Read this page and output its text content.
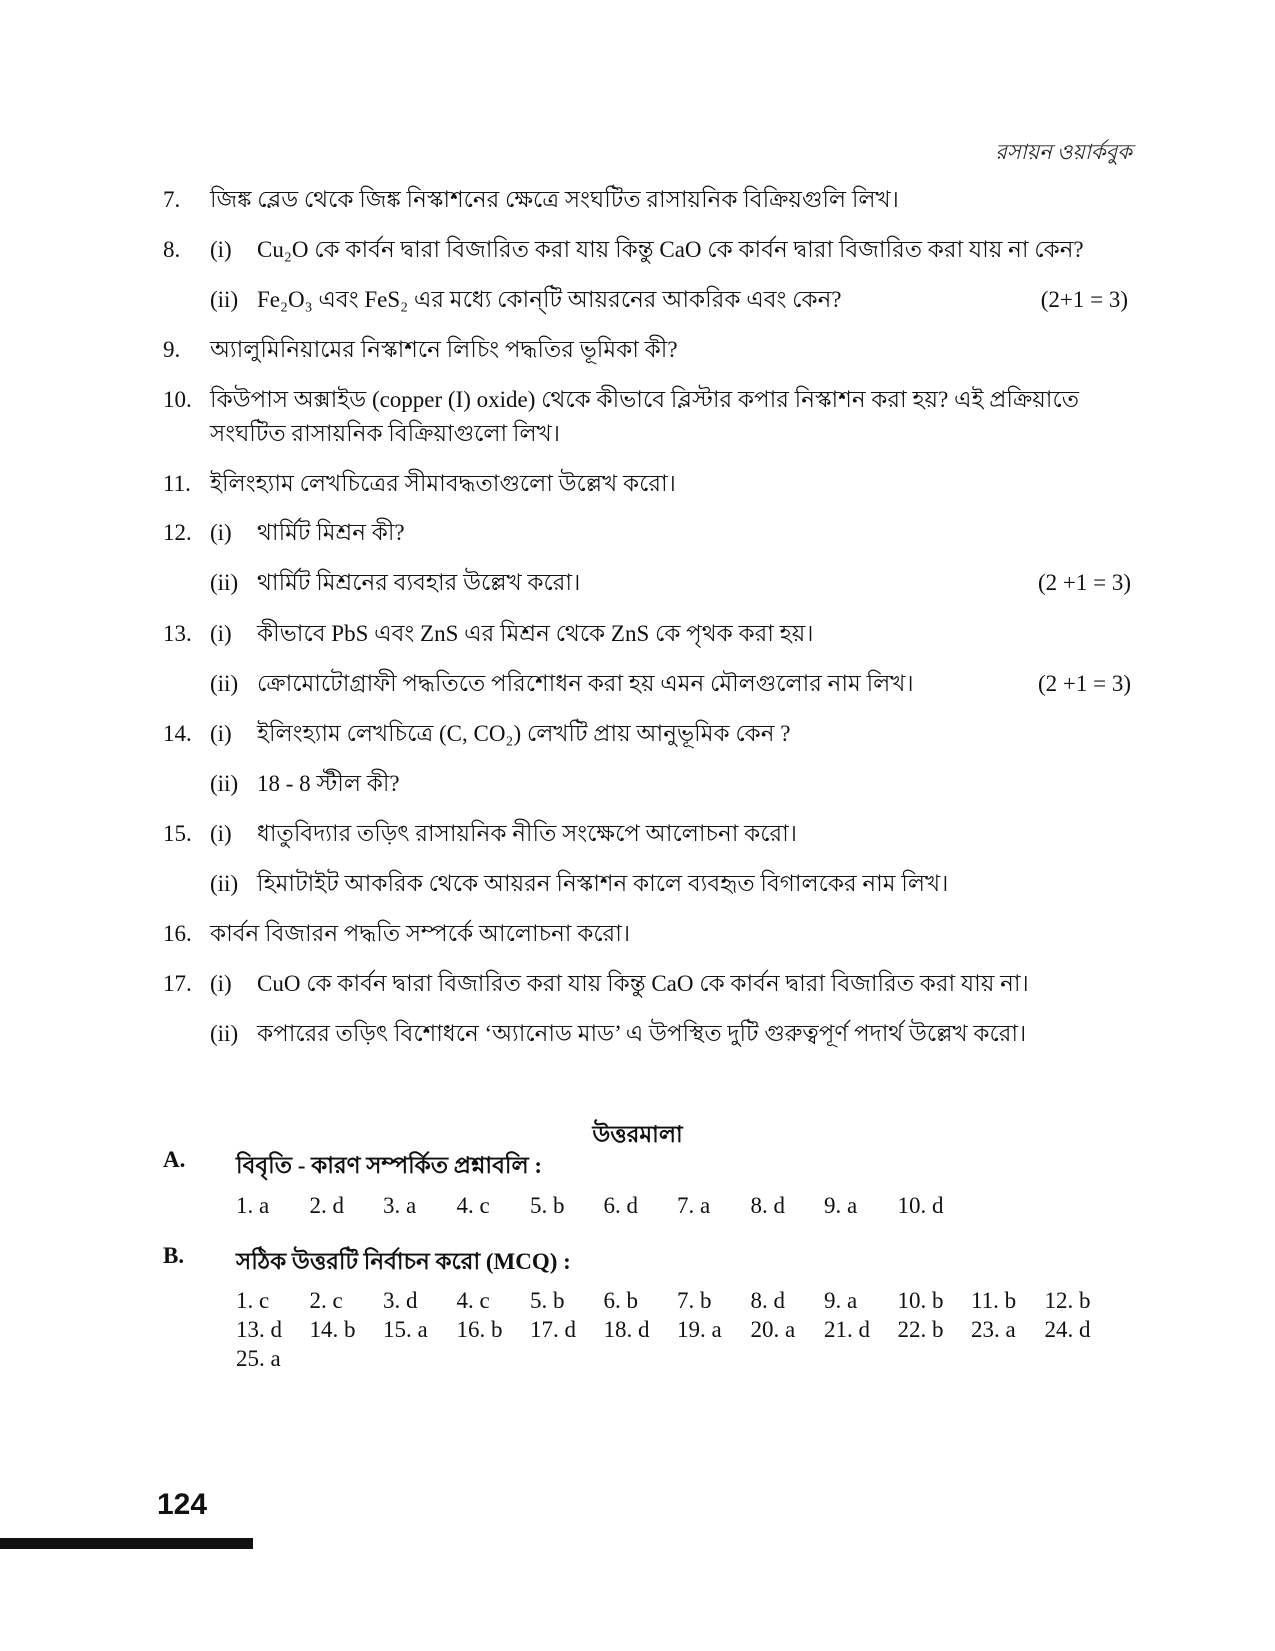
রসায়ন ওয়ার্কবুক
7. জিঙ্ক ব্লেড থেকে জিঙ্ক নিস্কাশনের ক্ষেত্রে সংঘটিত রাসায়নিক বিক্রিয়গুলি লিখ।
8. (i) Cu₂O কে কার্বন দ্বারা বিজারিত করা যায় কিন্তু CaO কে কার্বন দ্বারা বিজারিত করা যায় না কেন?
(ii) Fe₂O₃ এবং FeS₂ এর মধ্যে কোন্‌টি আয়রনের আকরিক এবং কেন?	(2+1 = 3)
9. অ্যালুমিনিয়ামের নিস্কাশনে লিচিং পদ্ধতির ভূমিকা কী?
10. কিউপাস অক্সাইড (copper (I) oxide) থেকে কীভাবে ব্লিস্টার কপার নিস্কাশন করা হয়? এই প্রক্রিয়াতে সংঘটিত রাসায়নিক বিক্রিয়াগুলো লিখ।
11. ইলিংহ্যাম লেখচিত্রের সীমাবদ্ধতাগুলো উল্লেখ করো।
12. (i) থার্মিট মিশ্রন কী?
(ii) থার্মিট মিশ্রনের ব্যবহার উল্লেখ করো।	(2 +1 = 3)
13. (i) কীভাবে PbS এবং ZnS এর মিশ্রন থেকে ZnS কে পৃথক করা হয়।
(ii) ক্রোমোটোগ্রাফী পদ্ধতিতে পরিশোধন করা হয় এমন মৌলগুলোর নাম লিখ।	(2 +1 = 3)
14. (i) ইলিংহ্যাম লেখচিত্রে (C, CO₂) লেখটি প্রায় আনুভূমিক কেন ?
(ii) 18 - 8 স্টীল কী?
15. (i) ধাতুবিদ্যার তড়িৎ রাসায়নিক নীতি সংক্ষেপে আলোচনা করো।
(ii) হিমাটাইট আকরিক থেকে আয়রন নিস্কাশন কালে ব্যবহৃত বিগালকের নাম লিখ।
16. কার্বন বিজারন পদ্ধতি সম্পর্কে আলোচনা করো।
17. (i) CuO কে কার্বন দ্বারা বিজারিত করা যায় কিন্তু CaO কে কার্বন দ্বারা বিজারিত করা যায় না।
(ii) কপারের তড়িৎ বিশোধনে ‘অ্যানোড মাড’ এ উপস্থিত দুটি গুরুত্বপূর্ণ পদার্থ উল্লেখ করো।
উত্তরমালা
A. বিবৃতি - কারণ সম্পর্কিত প্রশ্নাবলি :
1. a 2. d 3. a 4. c 5. b 6. d 7. a 8. d 9. a 10. d
B. সঠিক উত্তরটি নির্বাচন করো (MCQ) :
1. c 2. c 3. d 4. c 5. b 6. b 7. b 8. d 9. a 10. b 11. b 12. b
13. d 14. b 15. a 16. b 17. d 18. d 19. a 20. a 21. d 22. b 23. a 24. d
25. a
124
